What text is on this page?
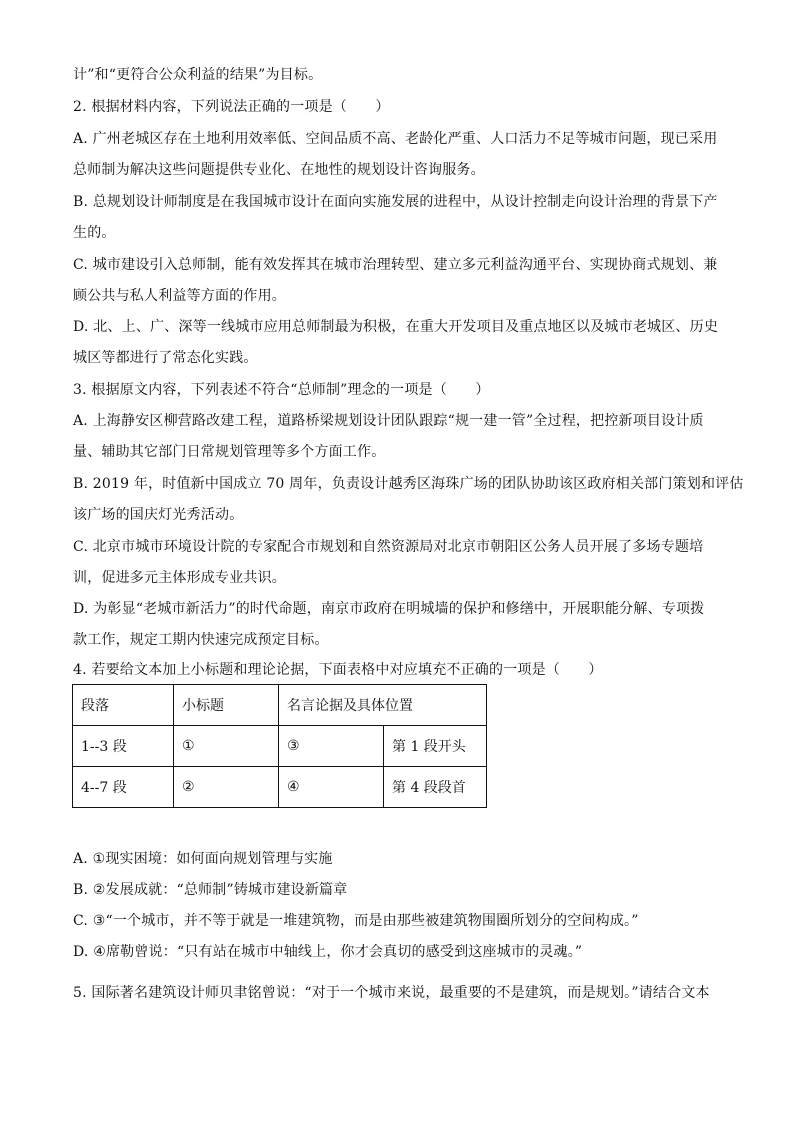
计”和“更符合公众利益的结果”为目标。
2. 根据材料内容，下列说法正确的一项是（　　）
A. 广州老城区存在土地利用效率低、空间品质不高、老龄化严重、人口活力不足等城市问题，现已采用
总师制为解决这些问题提供专业化、在地性的规划设计咨询服务。
B. 总规划设计师制度是在我国城市设计在面向实施发展的进程中，从设计控制走向设计治理的背景下产
生的。
C. 城市建设引入总师制，能有效发挥其在城市治理转型、建立多元利益沟通平台、实现协商式规划、兼
顾公共与私人利益等方面的作用。
D. 北、上、广、深等一线城市应用总师制最为积极，在重大开发项目及重点地区以及城市老城区、历史
城区等都进行了常态化实践。
3. 根据原文内容，下列表述不符合“总师制”理念的一项是（　　）
A. 上海静安区柳营路改建工程，道路桥梁规划设计团队跟踪“规一建一管”全过程，把控新项目设计质
量、辅助其它部门日常规划管理等多个方面工作。
B. 2019 年，时值新中国成立 70 周年，负责设计越秀区海珠广场的团队协助该区政府相关部门策划和评估
该广场的国庆灯光秀活动。
C. 北京市城市环境设计院的专家配合市规划和自然资源局对北京市朝阳区公务人员开展了多场专题培
训，促进多元主体形成专业共识。
D. 为彰显“老城市新活力”的时代命题，南京市政府在明城墙的保护和修缮中，开展职能分解、专项拨
款工作，规定工期内快速完成预定目标。
4. 若要给文本加上小标题和理论论据，下面表格中对应填充不正确的一项是（　　）
段落	小标题	名言论据及具体位置	
1--3 段	①	③	第 1 段开头
4--7 段	②	④	第 4 段段首
A. ①现实困境：如何面向规划管理与实施
B. ②发展成就：“总师制”铸城市建设新篇章
C. ③“一个城市，并不等于就是一堆建筑物，而是由那些被建筑物围圈所划分的空间构成。”
D. ④席勒曾说：“只有站在城市中轴线上，你才会真切的感受到这座城市的灵魂。”
5. 国际著名建筑设计师贝聿铭曾说：“对于一个城市来说，最重要的不是建筑，而是规划。”请结合文本
